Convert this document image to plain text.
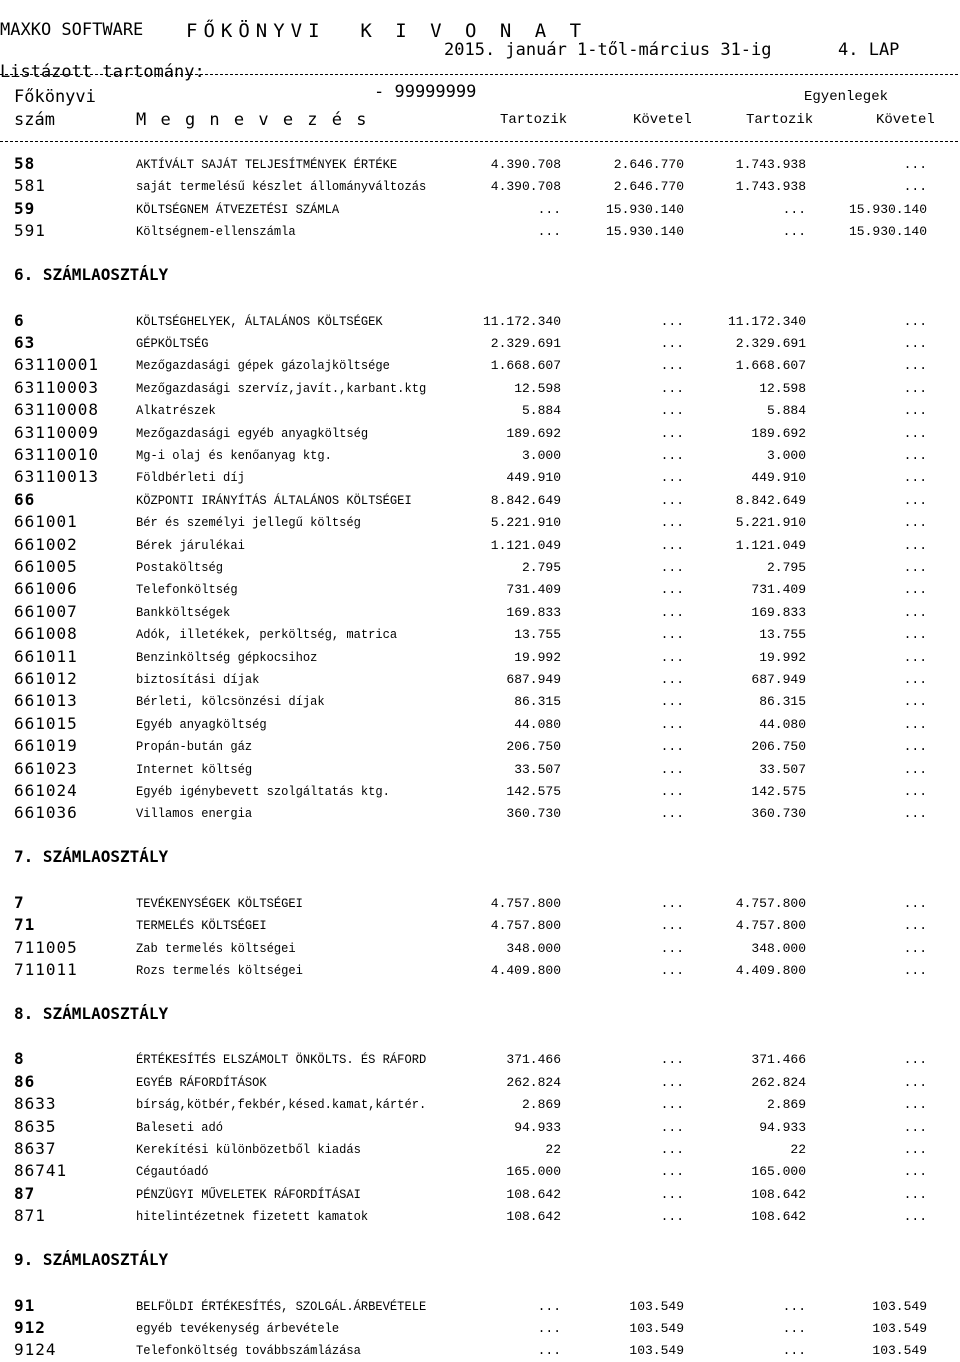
MAXKO SOFTWARE

2015. január 1-től-március 31-ig

FŐKÖNYVI  K I V O N A T

4. LAP

Listázott tartomány:

- 99999999

Főkönyvi	Egyenlegek
szám	M e g n e v e z é s	Tartozik	Követel	Tartozik	Követel
58	AKTÍVÁLT SAJÁT TELJESÍTMÉNYEK ÉRTÉKE	4.390.708	2.646.770	1.743.938	...
581	saját termelésű készlet állományváltozás	4.390.708	2.646.770	1.743.938	...
59	KÖLTSÉGNEM ÁTVEZETÉSI SZÁMLA	...	15.930.140	...	15.930.140
591	Költségnem-ellenszámla	...	15.930.140	...	15.930.140
6. SZÁMLAOSZTÁLY
6	KÖLTSÉGHELYEK, ÁLTALÁNOS KÖLTSÉGEK	11.172.340	...	11.172.340	...
63	GÉPKÖLTSÉG	2.329.691	...	2.329.691	...
63110001	Mezőgazdasági gépek gázolajköltsége	1.668.607	...	1.668.607	...
63110003	Mezőgazdasági szervíz,javít.,karbant.ktg	12.598	...	12.598	...
63110008	Alkatrészek	5.884	...	5.884	...
63110009	Mezőgazdasági egyéb anyagköltség	189.692	...	189.692	...
63110010	Mg-i olaj és kenőanyag ktg.	3.000	...	3.000	...
63110013	Földbérleti díj	449.910	...	449.910	...
66	KÖZPONTI IRÁNYÍTÁS ÁLTALÁNOS KÖLTSÉGEI	8.842.649	...	8.842.649	...
661001	Bér és személyi jellegű költség	5.221.910	...	5.221.910	...
661002	Bérek járulékai	1.121.049	...	1.121.049	...
661005	Postaköltség	2.795	...	2.795	...
661006	Telefonköltség	731.409	...	731.409	...
661007	Bankköltségek	169.833	...	169.833	...
661008	Adók, illetékek, perköltség, matrica	13.755	...	13.755	...
661011	Benzinköltség gépkocsihoz	19.992	...	19.992	...
661012	biztosítási díjak	687.949	...	687.949	...
661013	Bérleti, kölcsönzési díjak	86.315	...	86.315	...
661015	Egyéb anyagköltség	44.080	...	44.080	...
661019	Propán-bután gáz	206.750	...	206.750	...
661023	Internet költség	33.507	...	33.507	...
661024	Egyéb igénybevett szolgáltatás ktg.	142.575	...	142.575	...
661036	Villamos energia	360.730	...	360.730	...
7. SZÁMLAOSZTÁLY
7	TEVÉKENYSÉGEK KÖLTSÉGEI	4.757.800	...	4.757.800	...
71	TERMELÉS KÖLTSÉGEI	4.757.800	...	4.757.800	...
711005	Zab termelés költségei	348.000	...	348.000	...
711011	Rozs termelés költségei	4.409.800	...	4.409.800	...
8. SZÁMLAOSZTÁLY
8	ÉRTÉKESÍTÉS ELSZÁMOLT ÖNKÖLTS. ÉS RÁFORD	371.466	...	371.466	...
86	EGYÉB RÁFORDÍTÁSOK	262.824	...	262.824	...
8633	bírság,kötbér,fekbér,késed.kamat,kártér.	2.869	...	2.869	...
8635	Baleseti adó	94.933	...	94.933	...
8637	Kerekítési különbözetből kiadás	22	...	22	...
86741	Cégautóadó	165.000	...	165.000	...
87	PÉNZÜGYI MŰVELETEK RÁFORDÍTÁSAI	108.642	...	108.642	...
871	hitelintézetnek fizetett kamatok	108.642	...	108.642	...
9. SZÁMLAOSZTÁLY
91	BELFÖLDI ÉRTÉKESÍTÉS, SZOLGÁL.ÁRBEVÉTELE	...	103.549	...	103.549
912	egyéb tevékenység árbevétele	...	103.549	...	103.549
9124	Telefonköltség továbbszámlázása	...	103.549	...	103.549
